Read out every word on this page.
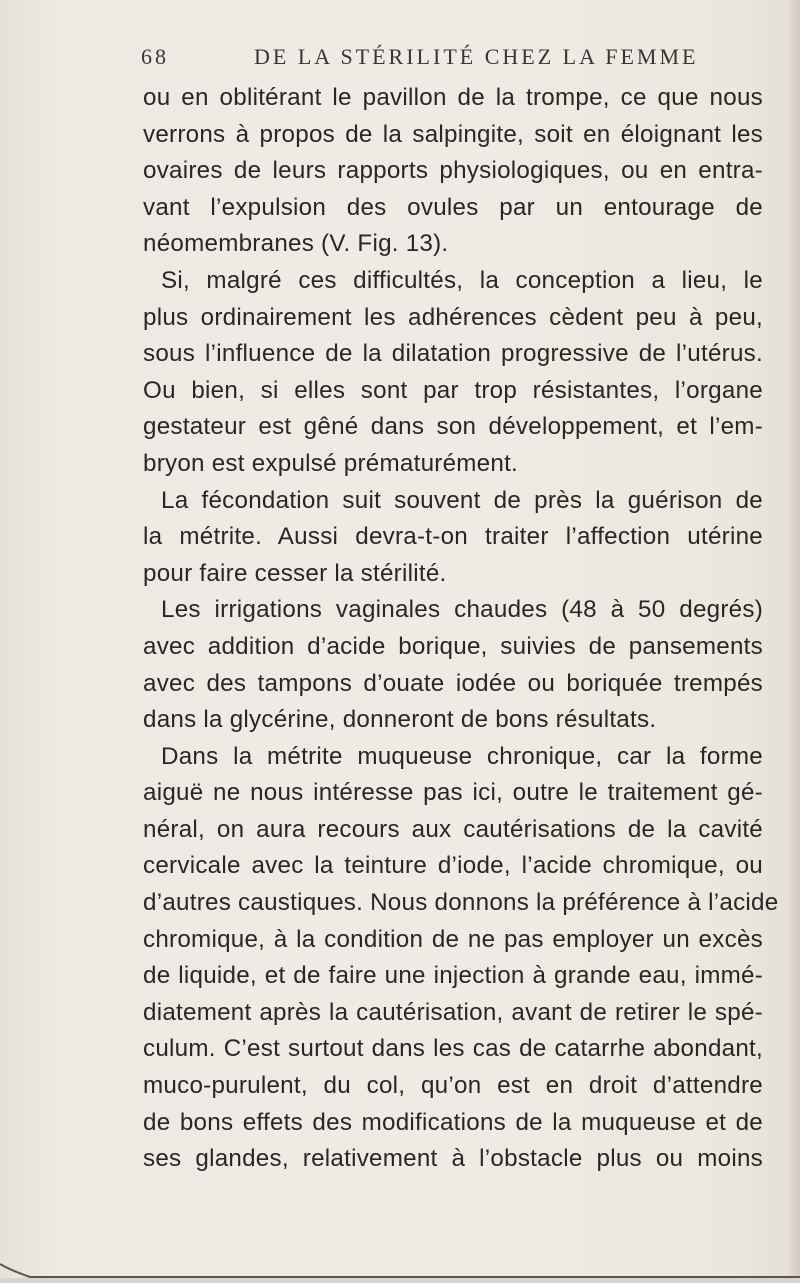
68	DE LA STÉRILITÉ CHEZ LA FEMME
ou en oblitérant le pavillon de la trompe, ce que nous
verrons à propos de la salpingite, soit en éloignant les
ovaires de leurs rapports physiologiques, ou en entra-
vant l’expulsion des ovules par un entourage de
néomembranes (V. Fig. 13).
Si, malgré ces difficultés, la conception a lieu, le
plus ordinairement les adhérences cèdent peu à peu,
sous l’influence de la dilatation progressive de l’utérus.
Ou bien, si elles sont par trop résistantes, l’organe
gestateur est gêné dans son développement, et l’em-
bryon est expulsé prématurément.
La fécondation suit souvent de près la guérison de
la métrite. Aussi devra-t-on traiter l’affection utérine
pour faire cesser la stérilité.
Les irrigations vaginales chaudes (48 à 50 degrés)
avec addition d’acide borique, suivies de pansements
avec des tampons d’ouate iodée ou boriquée trempés
dans la glycérine, donneront de bons résultats.
Dans la métrite muqueuse chronique, car la forme
aiguë ne nous intéresse pas ici, outre le traitement gé-
néral, on aura recours aux cautérisations de la cavité
cervicale avec la teinture d’iode, l’acide chromique, ou
d’autres caustiques. Nous donnons la préférence à l’acide
chromique, à la condition de ne pas employer un excès
de liquide, et de faire une injection à grande eau, immé-
diatement après la cautérisation, avant de retirer le spé-
culum. C’est surtout dans les cas de catarrhe abondant,
muco-purulent, du col, qu’on est en droit d’attendre
de bons effets des modifications de la muqueuse et de
ses glandes, relativement à l’obstacle plus ou moins
